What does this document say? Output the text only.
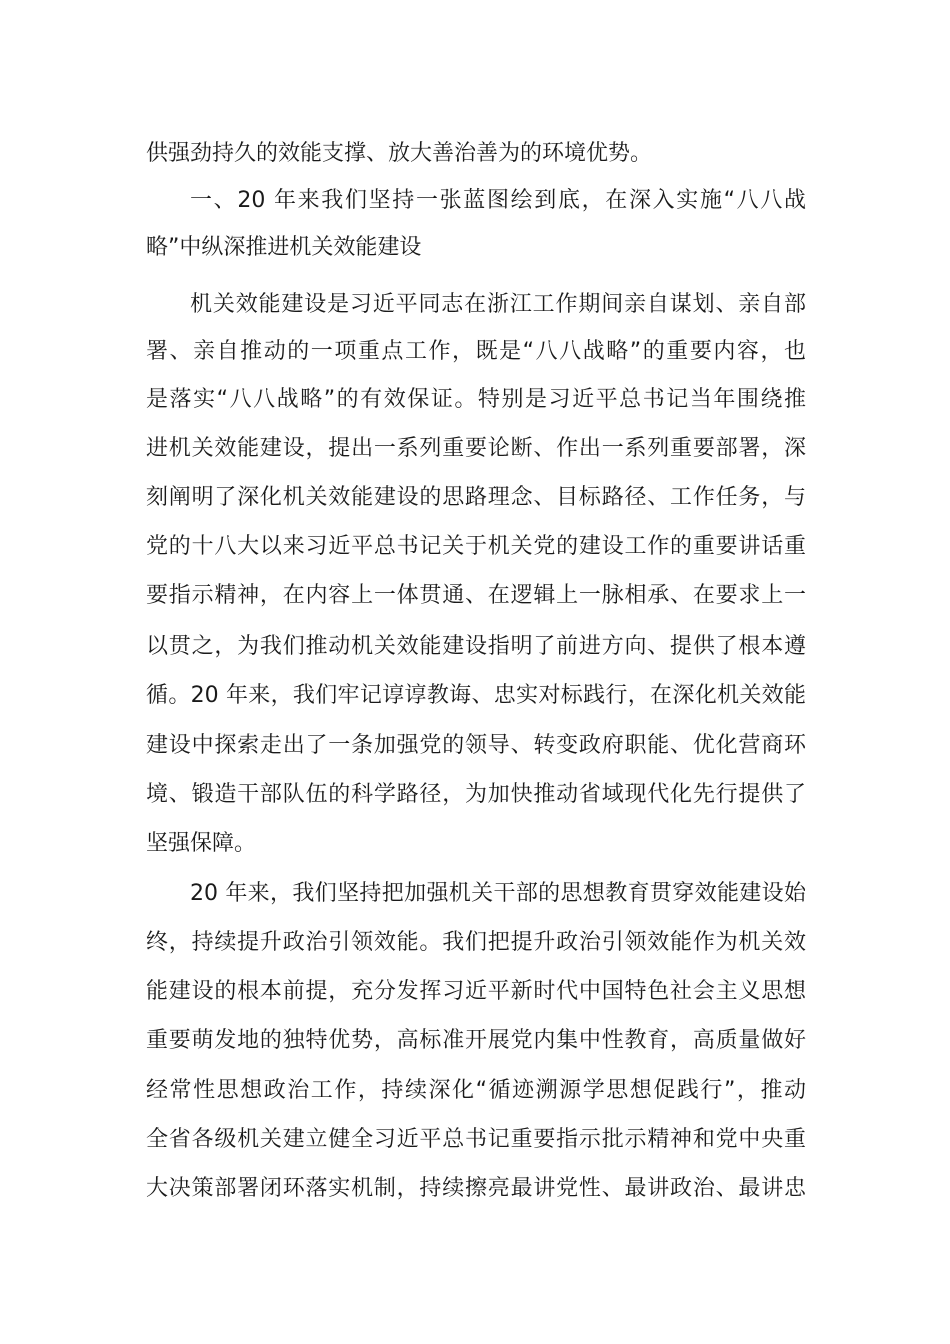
供强劲持久的效能支撑、放大善治善为的环境优势。
一、20 年来我们坚持一张蓝图绘到底，在深入实施“八八战
略”中纵深推进机关效能建设
机关效能建设是习近平同志在浙江工作期间亲自谋划、亲自部
署、亲自推动的一项重点工作，既是“八八战略”的重要内容，也
是落实“八八战略”的有效保证。特别是习近平总书记当年围绕推
进机关效能建设，提出一系列重要论断、作出一系列重要部署，深
刻阐明了深化机关效能建设的思路理念、目标路径、工作任务，与
党的十八大以来习近平总书记关于机关党的建设工作的重要讲话重
要指示精神，在内容上一体贯通、在逻辑上一脉相承、在要求上一
以贯之，为我们推动机关效能建设指明了前进方向、提供了根本遵
循。20 年来，我们牢记谆谆教诲、忠实对标践行，在深化机关效能
建设中探索走出了一条加强党的领导、转变政府职能、优化营商环
境、锻造干部队伍的科学路径，为加快推动省域现代化先行提供了
坚强保障。
20 年来，我们坚持把加强机关干部的思想教育贯穿效能建设始
终，持续提升政治引领效能。我们把提升政治引领效能作为机关效
能建设的根本前提，充分发挥习近平新时代中国特色社会主义思想
重要萌发地的独特优势，高标准开展党内集中性教育，高质量做好
经常性思想政治工作，持续深化“循迹溯源学思想促践行”，推动
全省各级机关建立健全习近平总书记重要指示批示精神和党中央重
大决策部署闭环落实机制，持续擦亮最讲党性、最讲政治、最讲忠
